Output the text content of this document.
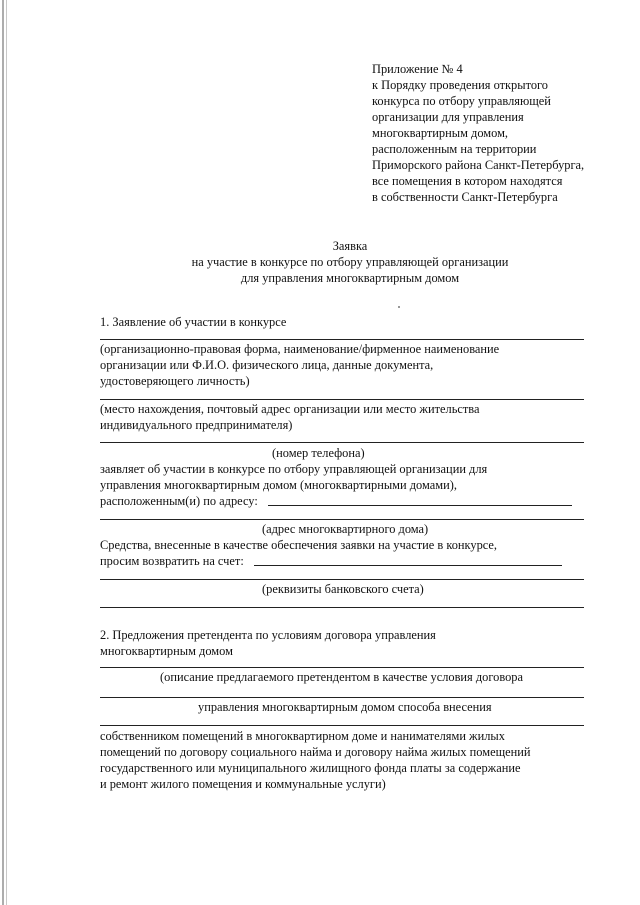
Приложение № 4
к Порядку проведения открытого
конкурса по отбору управляющей
организации для управления
многоквартирным домом,
расположенным на территории
Приморского района Санкт-Петербурга,
все помещения в котором находятся
в собственности Санкт-Петербурга
Заявка
на участие в конкурсе по отбору управляющей организации
для управления многоквартирным домом
1. Заявление об участии в конкурсе
(организационно-правовая форма, наименование/фирменное наименование
организации или Ф.И.О. физического лица, данные документа,
удостоверяющего личность)
(место нахождения, почтовый адрес организации или место жительства
индивидуального предпринимателя)
(номер телефона)
заявляет об участии в конкурсе по отбору управляющей организации для
управления многоквартирным домом (многоквартирными домами),
расположенным(и) по адресу:
(адрес многоквартирного дома)
Средства, внесенные в качестве обеспечения заявки на участие в конкурсе,
просим возвратить на счет:
(реквизиты банковского счета)
2. Предложения претендента по условиям договора управления
многоквартирным домом
(описание предлагаемого претендентом в качестве условия договора
управления многоквартирным домом способа внесения
собственником помещений в многоквартирном доме и нанимателями жилых
помещений по договору социального найма и договору найма жилых помещений
государственного или муниципального жилищного фонда платы за содержание
и ремонт жилого помещения и коммунальные услуги)
